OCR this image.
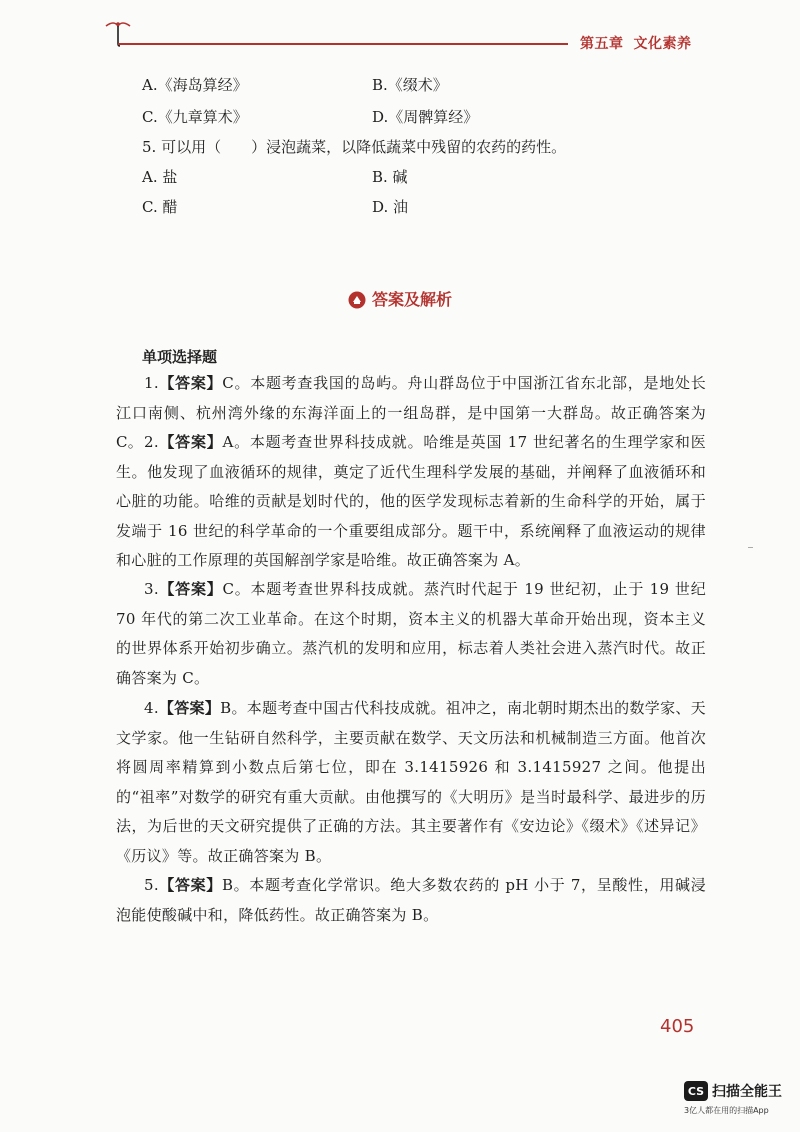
第五章 文化素养
A.《海岛算经》	B.《缀术》
C.《九章算术》	D.《周髀算经》
5. 可以用（　　）浸泡蔬菜，以降低蔬菜中残留的农药的药性。
A. 盐	B. 碱
C. 醋	D. 油
答案及解析
单项选择题
1.【答案】C。本题考查我国的岛屿。舟山群岛位于中国浙江省东北部，是地处长江口南侧、杭州湾外缘的东海洋面上的一组岛群，是中国第一大群岛。故正确答案为 C。 2.【答案】A。本题考查世界科技成就。哈维是英国 17 世纪著名的生理学家和医生。他发现了血液循环的规律，奠定了近代生理科学发展的基础，并阐释了血液循环和心脏的功能。哈维的贡献是划时代的，他的医学发现标志着新的生命科学的开始，属于发端于 16 世纪的科学革命的一个重要组成部分。题干中，系统阐释了血液运动的规律和心脏的工作原理的英国解剖学家是哈维。故正确答案为 A。
3.【答案】C。本题考查世界科技成就。蒸汽时代起于 19 世纪初，止于 19 世纪 70 年代的第二次工业革命。在这个时期，资本主义的机器大革命开始出现，资本主义的世界体系开始初步确立。蒸汽机的发明和应用，标志着人类社会进入蒸汽时代。故正确答案为 C。
4.【答案】B。本题考查中国古代科技成就。祖冲之，南北朝时期杰出的数学家、天文学家。他一生钻研自然科学，主要贡献在数学、天文历法和机械制造三方面。他首次将圆周率精算到小数点后第七位，即在 3.1415926 和 3.1415927 之间。他提出的“祖率”对数学的研究有重大贡献。由他撰写的《大明历》是当时最科学、最进步的历法，为后世的天文研究提供了正确的方法。其主要著作有《安边论》《缀术》《述异记》《历议》等。故正确答案为 B。
5.【答案】B。本题考查化学常识。绝大多数农药的 pH 小于 7，呈酸性，用碱浸泡能使酸碱中和，降低药性。故正确答案为 B。
405
CS 扫描全能王
3亿人都在用的扫描App
